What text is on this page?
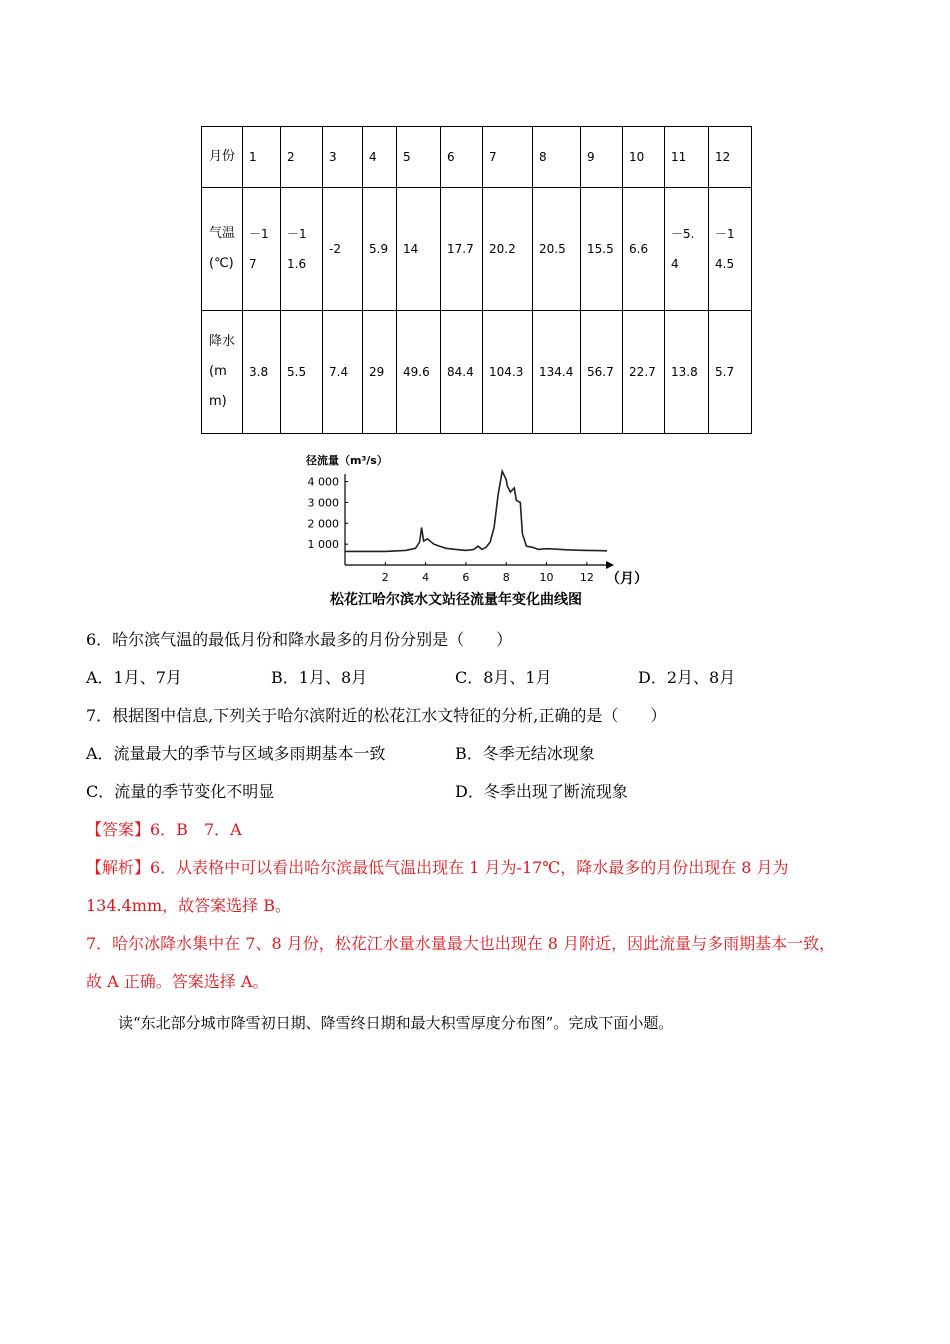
月份	1	2	3	4	5	6	7	8	9	10	11	12
气温(℃)	－17	－11.6	-2	5.9	14	17.7	20.2	20.5	15.5	6.6	－5.4	－14.5
降水(mm)	3.8	5.5	7.4	29	49.6	84.4	104.3	134.4	56.7	22.7	13.8	5.7
径流量（m³/s）
1 000
2 000
3 000
4 000
2	4	6	8	10 12 （月）
松花江哈尔滨水文站径流量年变化曲线图
6．哈尔滨气温的最低月份和降水最多的月份分别是（　　）
A．1月、7月	B．1月、8月	C．8月、1月	D．2月、8月
7．根据图中信息,下列关于哈尔滨附近的松花江水文特征的分析,正确的是（　　）
A．流量最大的季节与区域多雨期基本一致	B．冬季无结冰现象
C．流量的季节变化不明显	D．冬季出现了断流现象
【答案】6．B　7．A
【解析】6．从表格中可以看出哈尔滨最低气温出现在 1 月为-17℃，降水最多的月份出现在 8 月为
134.4mm，故答案选择 B。
7．哈尔冰降水集中在 7、8 月份，松花江水量水量最大也出现在 8 月附近，因此流量与多雨期基本一致，
故 A 正确。答案选择 A。
读“东北部分城市降雪初日期、降雪终日期和最大积雪厚度分布图”。完成下面小题。
